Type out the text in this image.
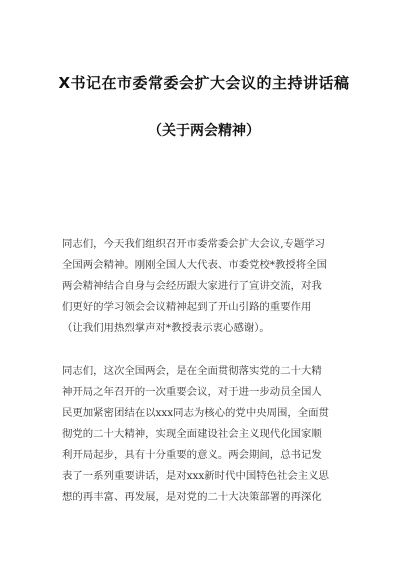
X书记在市委常委会扩大会议的主持讲话稿
（关于两会精神）

同志们，今天我们组织召开市委常委会扩大会议,专题学习
全国两会精神。刚刚全国人大代表、市委党校*教授将全国
两会精神结合自身与会经历跟大家进行了宣讲交流，对我
们更好的学习领会会议精神起到了开山引路的重要作用
（让我们用热烈掌声对*教授表示衷心感谢）。

同志们，这次全国两会，是在全面贯彻落实党的二十大精
神开局之年召开的一次重要会议，对于进一步动员全国人
民更加紧密团结在以xxx同志为核心的党中央周围，全面贯
彻党的二十大精神，实现全面建设社会主义现代化国家顺
利开局起步，具有十分重要的意义。两会期间，总书记发
表了一系列重要讲话，是对xxx新时代中国特色社会主义思
想的再丰富、再发展，是对党的二十大决策部署的再深化
